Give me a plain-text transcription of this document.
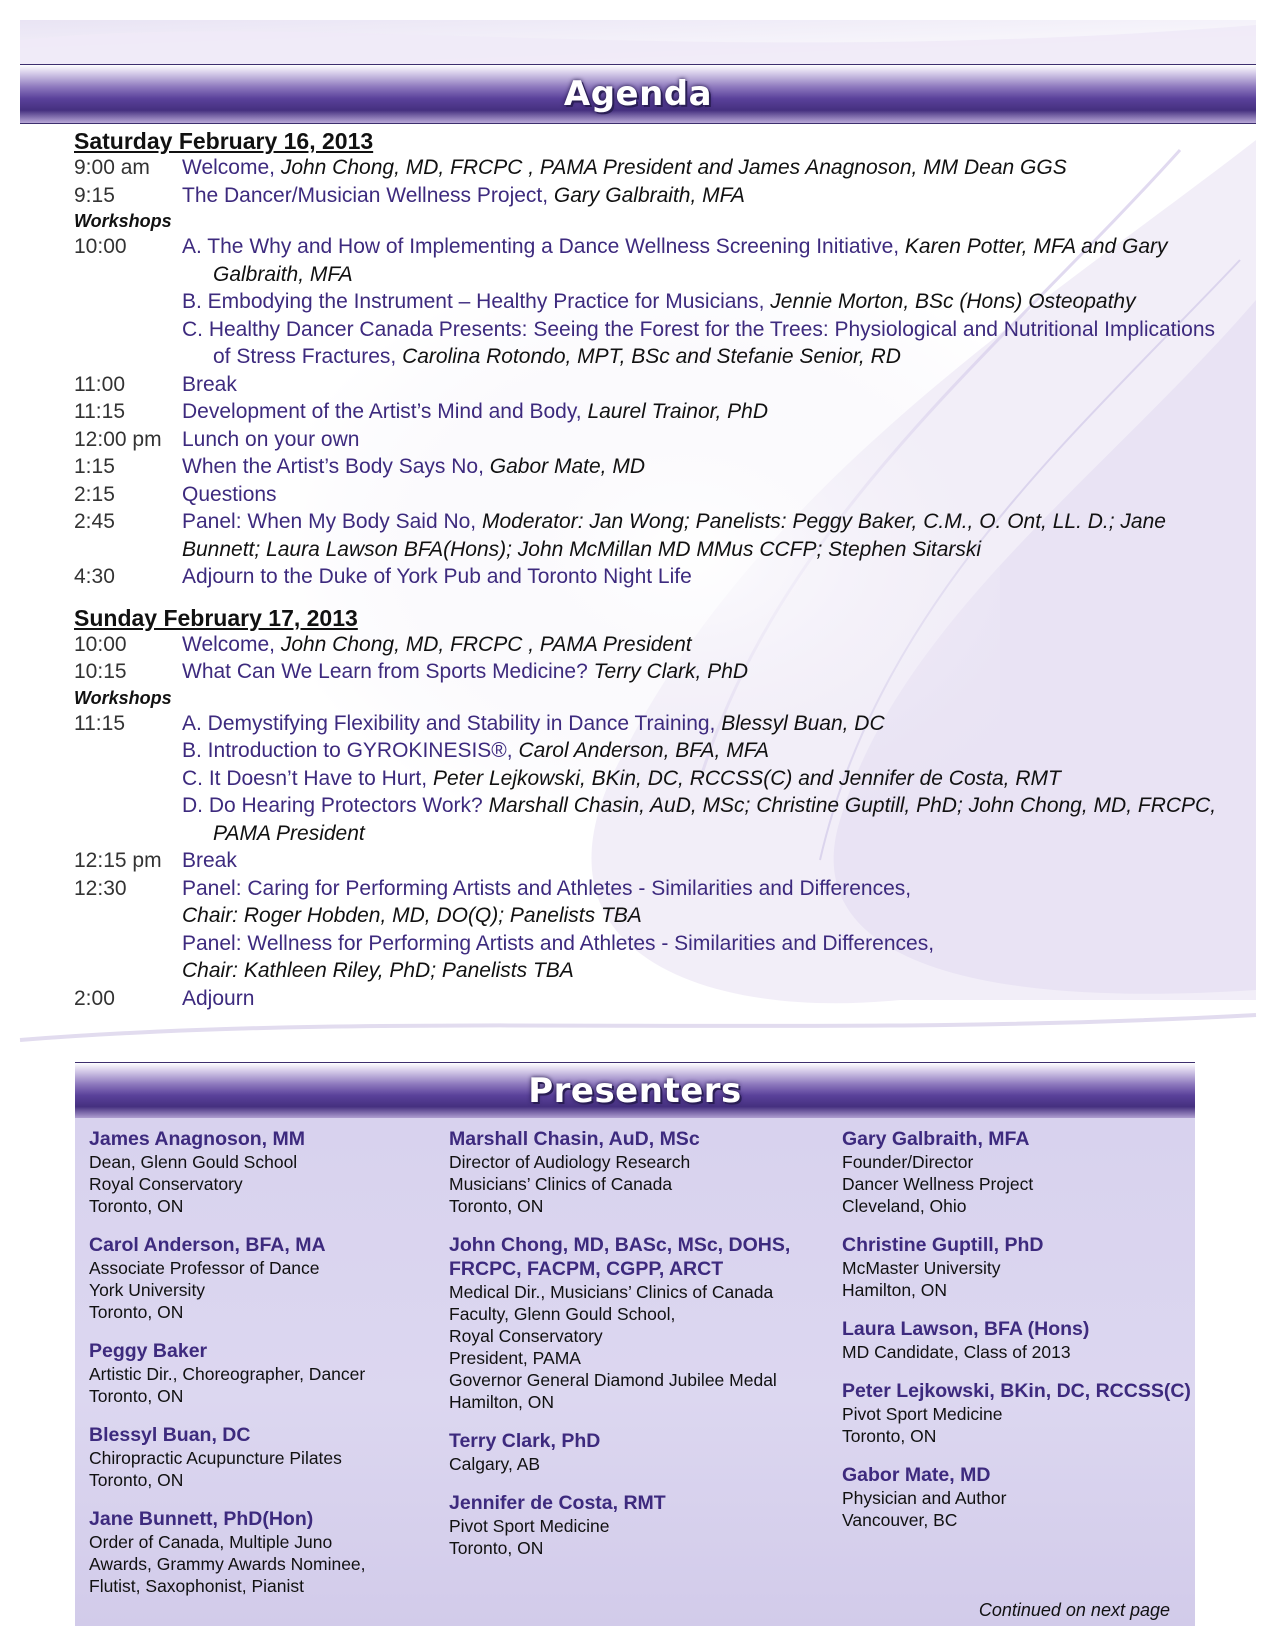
Agenda
Saturday February 16, 2013
9:00 am	Welcome, John Chong, MD, FRCPC , PAMA President and James Anagnoson, MM Dean GGS
9:15	The Dancer/Musician Wellness Project, Gary Galbraith, MFA
Workshops
10:00	A. The Why and How of Implementing a Dance Wellness Screening Initiative, Karen Potter, MFA and Gary Galbraith, MFA
B. Embodying the Instrument – Healthy Practice for Musicians, Jennie Morton, BSc (Hons) Osteopathy
C. Healthy Dancer Canada Presents: Seeing the Forest for the Trees: Physiological and Nutritional Implications of Stress Fractures, Carolina Rotondo, MPT, BSc and Stefanie Senior, RD
11:00	Break
11:15	Development of the Artist’s Mind and Body, Laurel Trainor, PhD
12:00 pm Lunch on your own
1:15	When the Artist’s Body Says No, Gabor Mate, MD
2:15	Questions
2:45	Panel: When My Body Said No, Moderator: Jan Wong; Panelists: Peggy Baker, C.M., O. Ont, LL. D.; Jane Bunnett; Laura Lawson BFA(Hons); John McMillan MD MMus CCFP; Stephen Sitarski
4:30	Adjourn to the Duke of York Pub and Toronto Night Life
Sunday February 17, 2013
10:00	Welcome, John Chong, MD, FRCPC , PAMA President
10:15	What Can We Learn from Sports Medicine? Terry Clark, PhD
Workshops
11:15	A. Demystifying Flexibility and Stability in Dance Training, Blessyl Buan, DC
B. Introduction to GYROKINESIS®, Carol Anderson, BFA, MFA
C. It Doesn’t Have to Hurt, Peter Lejkowski, BKin, DC, RCCSS(C) and Jennifer de Costa, RMT
D. Do Hearing Protectors Work? Marshall Chasin, AuD, MSc; Christine Guptill, PhD; John Chong, MD, FRCPC, PAMA President
12:15 pm Break
12:30	Panel: Caring for Performing Artists and Athletes - Similarities and Differences,
Chair: Roger Hobden, MD, DO(Q); Panelists TBA
Panel: Wellness for Performing Artists and Athletes - Similarities and Differences,
Chair: Kathleen Riley, PhD; Panelists TBA
2:00	Adjourn
Presenters
James Anagnoson, MM
Dean, Glenn Gould School
Royal Conservatory
Toronto, ON
Carol Anderson, BFA, MA
Associate Professor of Dance
York University
Toronto, ON
Peggy Baker
Artistic Dir., Choreographer, Dancer
Toronto, ON
Blessyl Buan, DC
Chiropractic Acupuncture Pilates
Toronto, ON
Jane Bunnett, PhD(Hon)
Order of Canada, Multiple Juno
Awards, Grammy Awards Nominee,
Flutist, Saxophonist, Pianist
Marshall Chasin, AuD, MSc
Director of Audiology Research
Musicians’ Clinics of Canada
Toronto, ON
John Chong, MD, BASc, MSc, DOHS, FRCPC, FACPM, CGPP, ARCT
Medical Dir., Musicians’ Clinics of Canada
Faculty, Glenn Gould School,
Royal Conservatory
President, PAMA
Governor General Diamond Jubilee Medal
Hamilton, ON
Terry Clark, PhD
Calgary, AB
Jennifer de Costa, RMT
Pivot Sport Medicine
Toronto, ON
Gary Galbraith, MFA
Founder/Director
Dancer Wellness Project
Cleveland, Ohio
Christine Guptill, PhD
McMaster University
Hamilton, ON
Laura Lawson, BFA (Hons)
MD Candidate, Class of 2013
Peter Lejkowski, BKin, DC, RCCSS(C)
Pivot Sport Medicine
Toronto, ON
Gabor Mate, MD
Physician and Author
Vancouver, BC
Continued on next page
